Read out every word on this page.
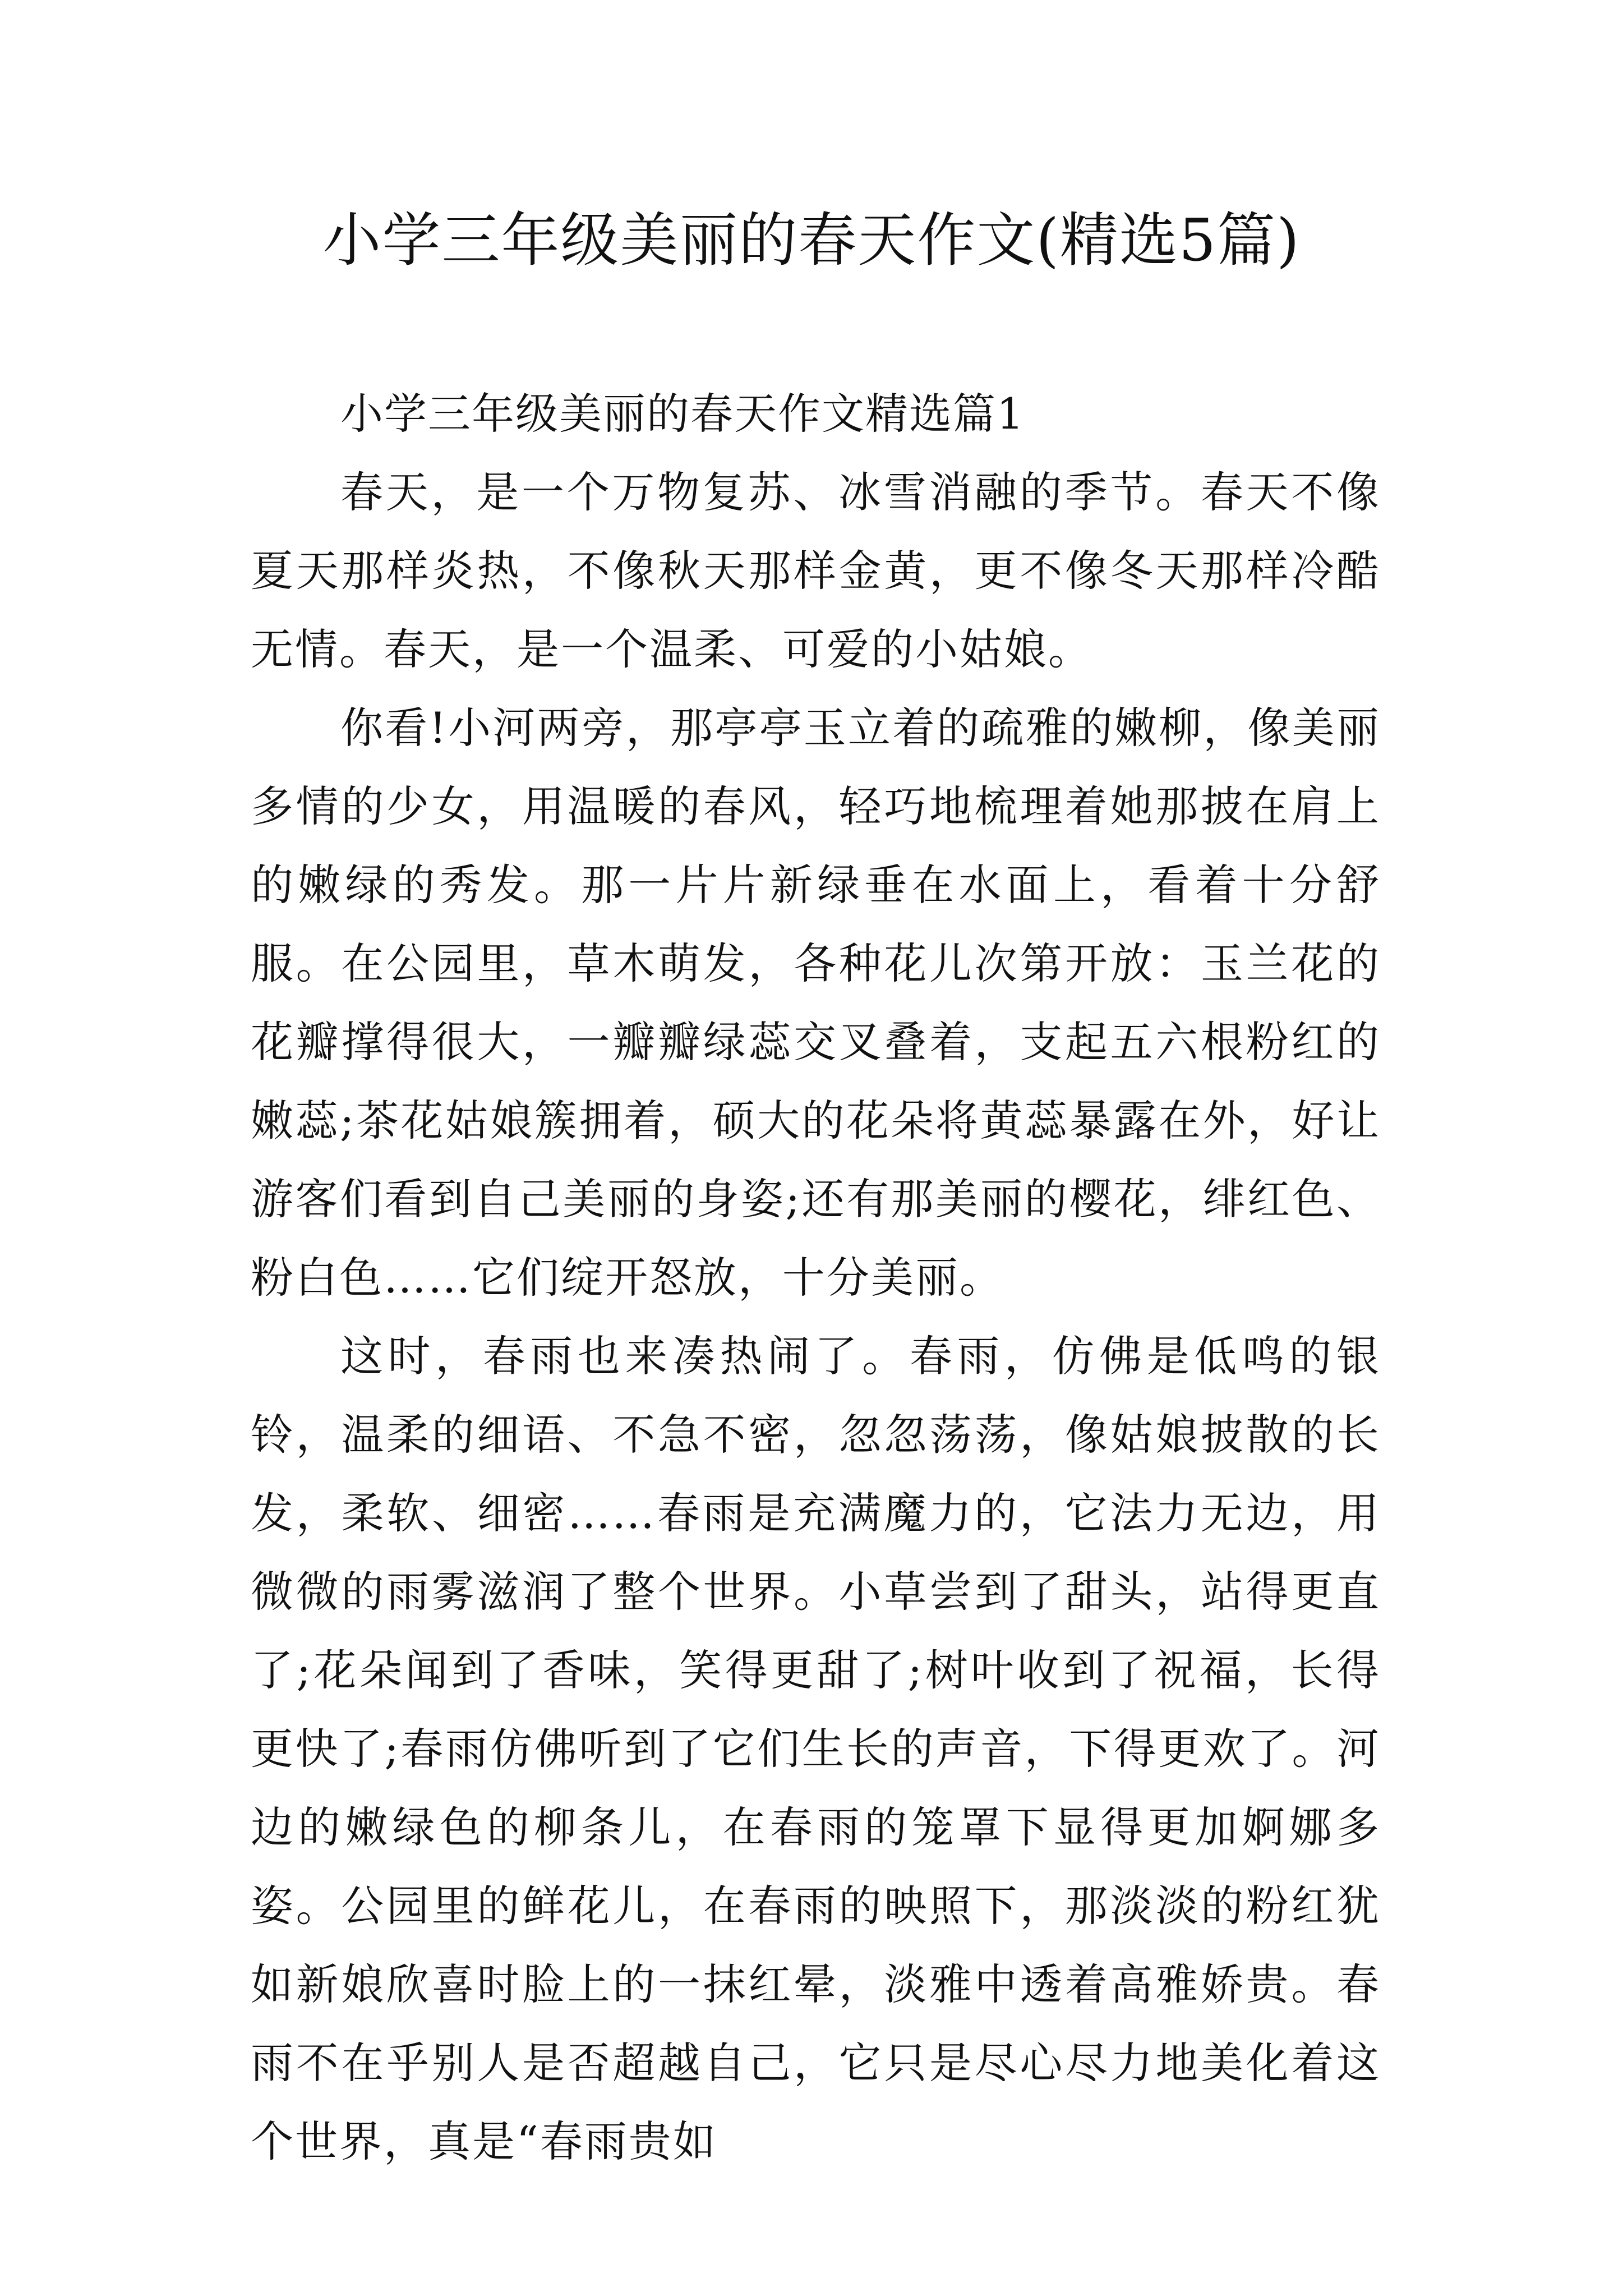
小学三年级美丽的春天作文(精选5篇)

小学三年级美丽的春天作文精选篇1

春天，是一个万物复苏、冰雪消融的季节。春天不像夏天那样炎热，不像秋天那样金黄，更不像冬天那样冷酷无情。春天，是一个温柔、可爱的小姑娘。

你看!小河两旁，那亭亭玉立着的疏雅的嫩柳，像美丽多情的少女，用温暖的春风，轻巧地梳理着她那披在肩上的嫩绿的秀发。那一片片新绿垂在水面上，看着十分舒服。在公园里，草木萌发，各种花儿次第开放：玉兰花的花瓣撑得很大，一瓣瓣绿蕊交叉叠着，支起五六根粉红的嫩蕊;茶花姑娘簇拥着，硕大的花朵将黄蕊暴露在外，好让游客们看到自己美丽的身姿;还有那美丽的樱花，绯红色、粉白色……它们绽开怒放，十分美丽。

这时，春雨也来凑热闹了。春雨，仿佛是低鸣的银铃，温柔的细语、不急不密，忽忽荡荡，像姑娘披散的长发，柔软、细密……春雨是充满魔力的，它法力无边，用微微的雨雾滋润了整个世界。小草尝到了甜头，站得更直了;花朵闻到了香味，笑得更甜了;树叶收到了祝福，长得更快了;春雨仿佛听到了它们生长的声音，下得更欢了。河边的嫩绿色的柳条儿，在春雨的笼罩下显得更加婀娜多姿。公园里的鲜花儿，在春雨的映照下，那淡淡的粉红犹如新娘欣喜时脸上的一抹红晕，淡雅中透着高雅娇贵。春雨不在乎别人是否超越自己，它只是尽心尽力地美化着这个世界，真是“春雨贵如
